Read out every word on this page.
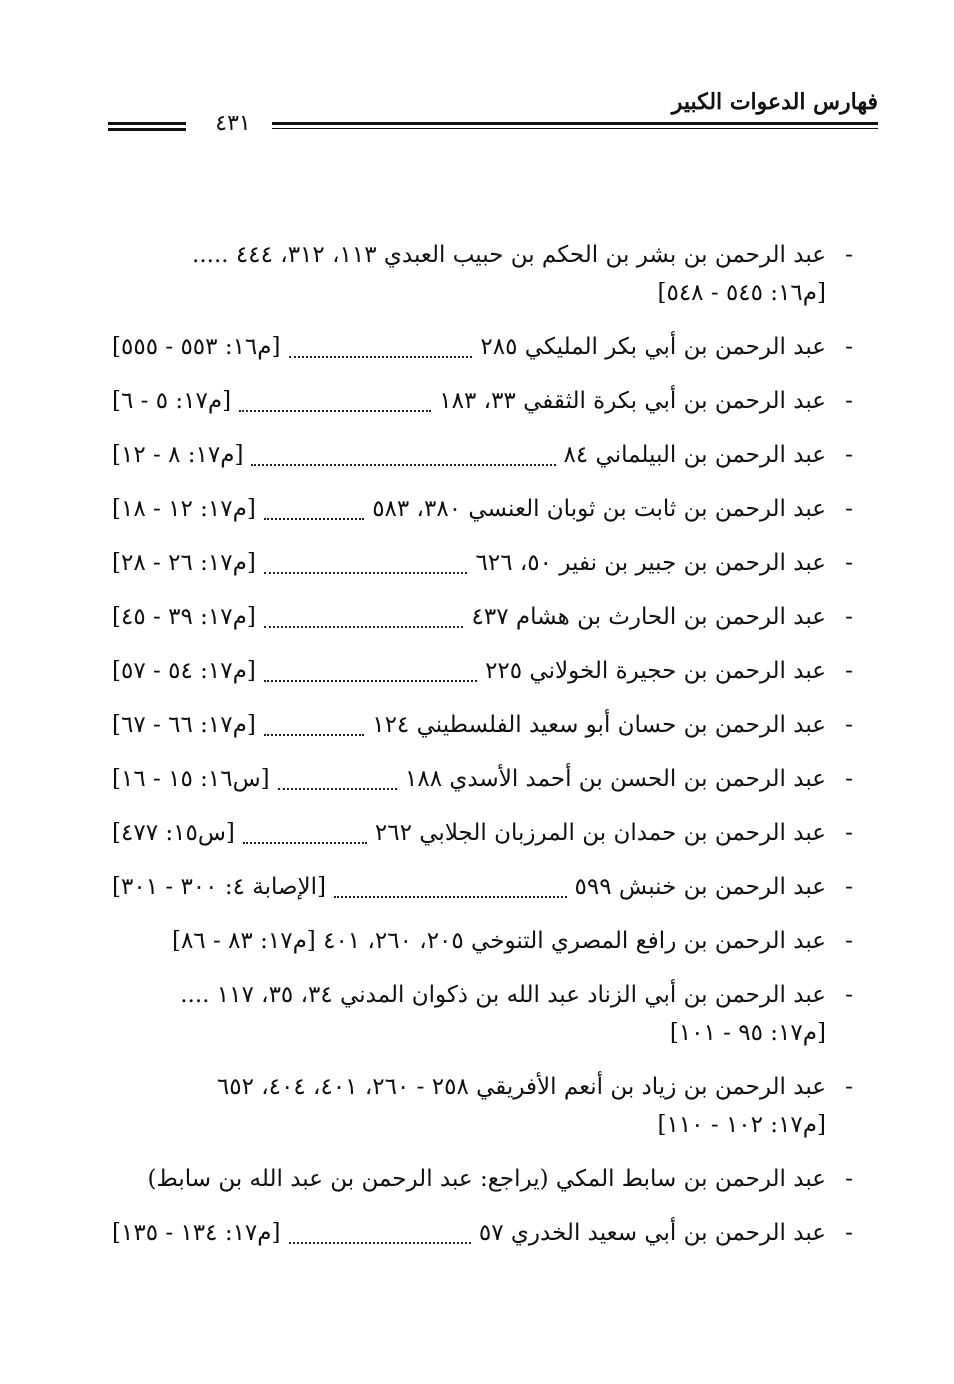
فهارس الدعوات الكبير
٤٣١
-
عبد الرحمن بن بشر بن الحكم بن حبيب العبدي ١١٣، ٣١٢، ٤٤٤ .....
[م١٦: ٥٤٥ - ٥٤٨]
-
عبد الرحمن بن أبي بكر المليكي ٢٨٥
[م١٦: ٥٥٣ - ٥٥٥]
-
عبد الرحمن بن أبي بكرة الثقفي ٣٣، ١٨٣
[م١٧: ٥ - ٦]
-
عبد الرحمن بن البيلماني ٨٤
[م١٧: ٨ - ١٢]
-
عبد الرحمن بن ثابت بن ثوبان العنسي ٣٨٠، ٥٨٣
[م١٧: ١٢ - ١٨]
-
عبد الرحمن بن جبير بن نفير ٥٠، ٦٢٦
[م١٧: ٢٦ - ٢٨]
-
عبد الرحمن بن الحارث بن هشام ٤٣٧
[م١٧: ٣٩ - ٤٥]
-
عبد الرحمن بن حجيرة الخولاني ٢٢٥
[م١٧: ٥٤ - ٥٧]
-
عبد الرحمن بن حسان أبو سعيد الفلسطيني ١٢٤
[م١٧: ٦٦ - ٦٧]
-
عبد الرحمن بن الحسن بن أحمد الأسدي ١٨٨
[س١٦: ١٥ - ١٦]
-
عبد الرحمن بن حمدان بن المرزبان الجلابي ٢٦٢
[س١٥: ٤٧٧]
-
عبد الرحمن بن خنبش ٥٩٩
[الإصابة ٤: ٣٠٠ - ٣٠١]
-
عبد الرحمن بن رافع المصري التنوخي ٢٠٥، ٢٦٠، ٤٠١ [م١٧: ٨٣ - ٨٦]
-
عبد الرحمن بن أبي الزناد عبد الله بن ذكوان المدني ٣٤، ٣٥، ١١٧ ....
[م١٧: ٩٥ - ١٠١]
-
عبد الرحمن بن زياد بن أنعم الأفريقي ٢٥٨ - ٢٦٠، ٤٠١، ٤٠٤، ٦٥٢
[م١٧: ١٠٢ - ١١٠]
-
عبد الرحمن بن سابط المكي (يراجع: عبد الرحمن بن عبد الله بن سابط)
-
عبد الرحمن بن أبي سعيد الخدري ٥٧
[م١٧: ١٣٤ - ١٣٥]
